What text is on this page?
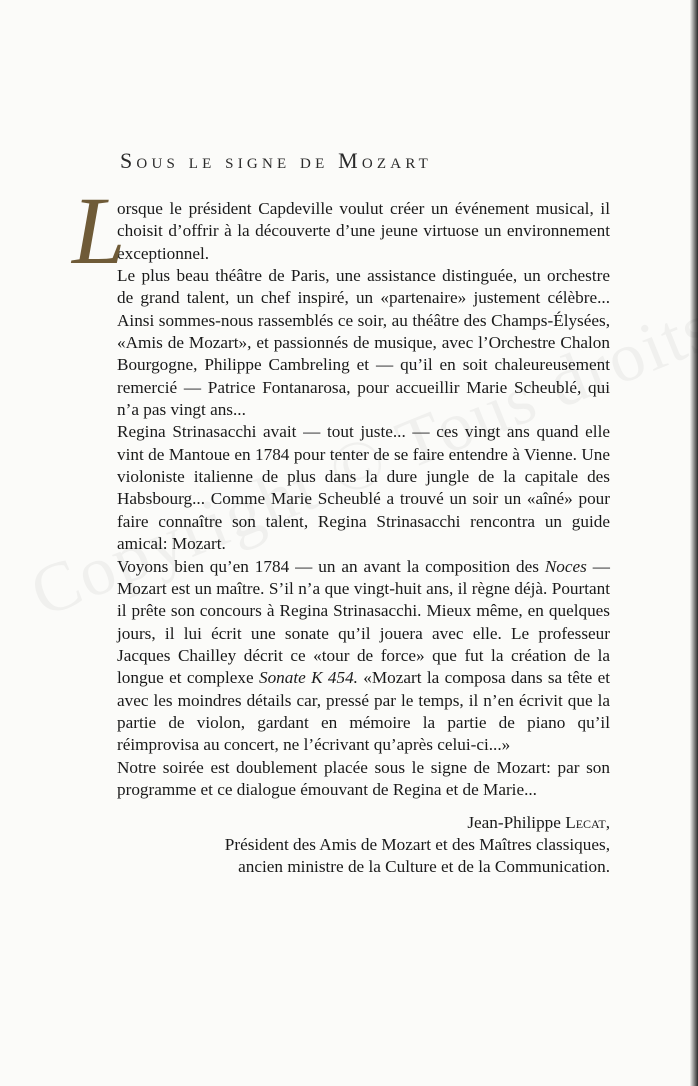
Sous le signe de Mozart
L

orsque le président Capdeville voulut créer un événement musical, il choisit d’offrir à la découverte d’une jeune virtuose un environnement exceptionnel.

Le plus beau théâtre de Paris, une assistance distinguée, un orchestre de grand talent, un chef inspiré, un «partenaire» justement célèbre... Ainsi sommes-nous rassemblés ce soir, au théâtre des Champs-Élysées, «Amis de Mozart», et passionnés de musique, avec l’Orchestre Chalon Bourgogne, Philippe Cambreling et — qu’il en soit chaleureusement remercié — Patrice Fontanarosa, pour accueillir Marie Scheublé, qui n’a pas vingt ans...

Regina Strinasacchi avait — tout juste... — ces vingt ans quand elle vint de Mantoue en 1784 pour tenter de se faire entendre à Vienne. Une violoniste italienne de plus dans la dure jungle de la capitale des Habsbourg... Comme Marie Scheublé a trouvé un soir un «aîné» pour faire connaître son talent, Regina Strinasacchi rencontra un guide amical: Mozart.

Voyons bien qu’en 1784 — un an avant la composition des Noces — Mozart est un maître. S’il n’a que vingt-huit ans, il règne déjà. Pourtant il prête son concours à Regina Strinasacchi. Mieux même, en quelques jours, il lui écrit une sonate qu’il jouera avec elle. Le professeur Jacques Chailley décrit ce «tour de force» que fut la création de la longue et complexe Sonate K 454. «Mozart la composa dans sa tête et avec les moindres détails car, pressé par le temps, il n’en écrivit que la partie de violon, gardant en mémoire la partie de piano qu’il réimprovisa au concert, ne l’écrivant qu’après celui-ci...»

Notre soirée est doublement placée sous le signe de Mozart: par son programme et ce dialogue émouvant de Regina et de Marie...

Jean-Philippe Lecat,
Président des Amis de Mozart et des Maîtres classiques,
ancien ministre de la Culture et de la Communication.
